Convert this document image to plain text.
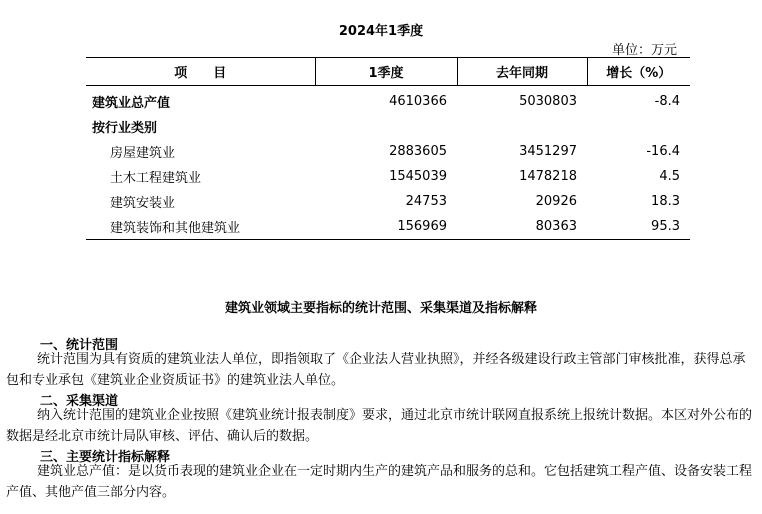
2024年1季度
单位：万元
项　　目	1季度	去年同期	增长（%）
建筑业总产值	4610366	5030803	-8.4
按行业类别			
房屋建筑业	2883605	3451297	-16.4
土木工程建筑业	1545039	1478218	4.5
建筑安装业	24753	20926	18.3
建筑装饰和其他建筑业	156969	80363	95.3
建筑业领域主要指标的统计范围、采集渠道及指标解释
一、统计范围

统计范围为具有资质的建筑业法人单位，即指领取了《企业法人营业执照》，并经各级建设行政主管部门审核批准，获得总承包和专业承包《建筑业企业资质证书》的建筑业法人单位。

二、采集渠道

纳入统计范围的建筑业企业按照《建筑业统计报表制度》要求，通过北京市统计联网直报系统上报统计数据。本区对外公布的数据是经北京市统计局队审核、评估、确认后的数据。

三、主要统计指标解释

建筑业总产值：是以货币表现的建筑业企业在一定时期内生产的建筑产品和服务的总和。它包括建筑工程产值、设备安装工程产值、其他产值三部分内容。
